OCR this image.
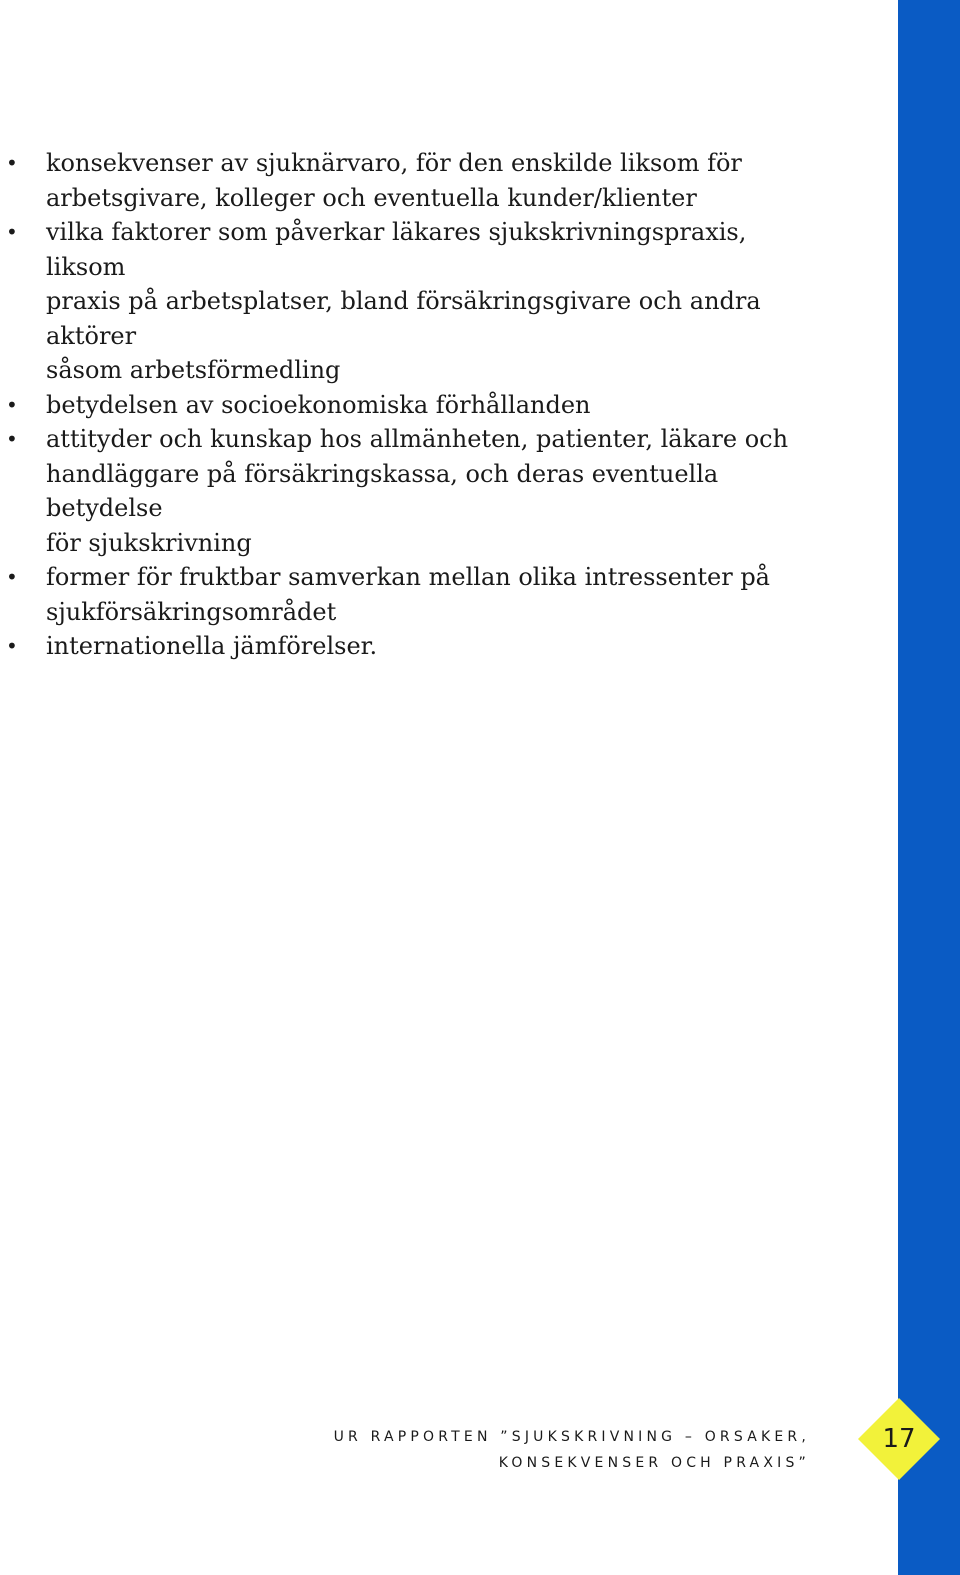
• konsekvenser av sjuknärvaro, för den enskilde liksom för
arbetsgivare, kolleger och eventuella kunder/klienter
• vilka faktorer som påverkar läkares sjukskrivningspraxis, liksom
praxis på arbetsplatser, bland försäkringsgivare och andra aktörer
såsom arbetsförmedling
• betydelsen av socioekonomiska förhållanden
• attityder och kunskap hos allmänheten, patienter, läkare och
handläggare på försäkringskassa, och deras eventuella betydelse
för sjukskrivning
• former för fruktbar samverkan mellan olika intressenter på
sjukförsäkringsområdet
• internationella jämförelser.
UR RAPPORTEN ”SJUKSKRIVNING – ORSAKER,
KONSEKVENSER OCH PRAXIS”
17
